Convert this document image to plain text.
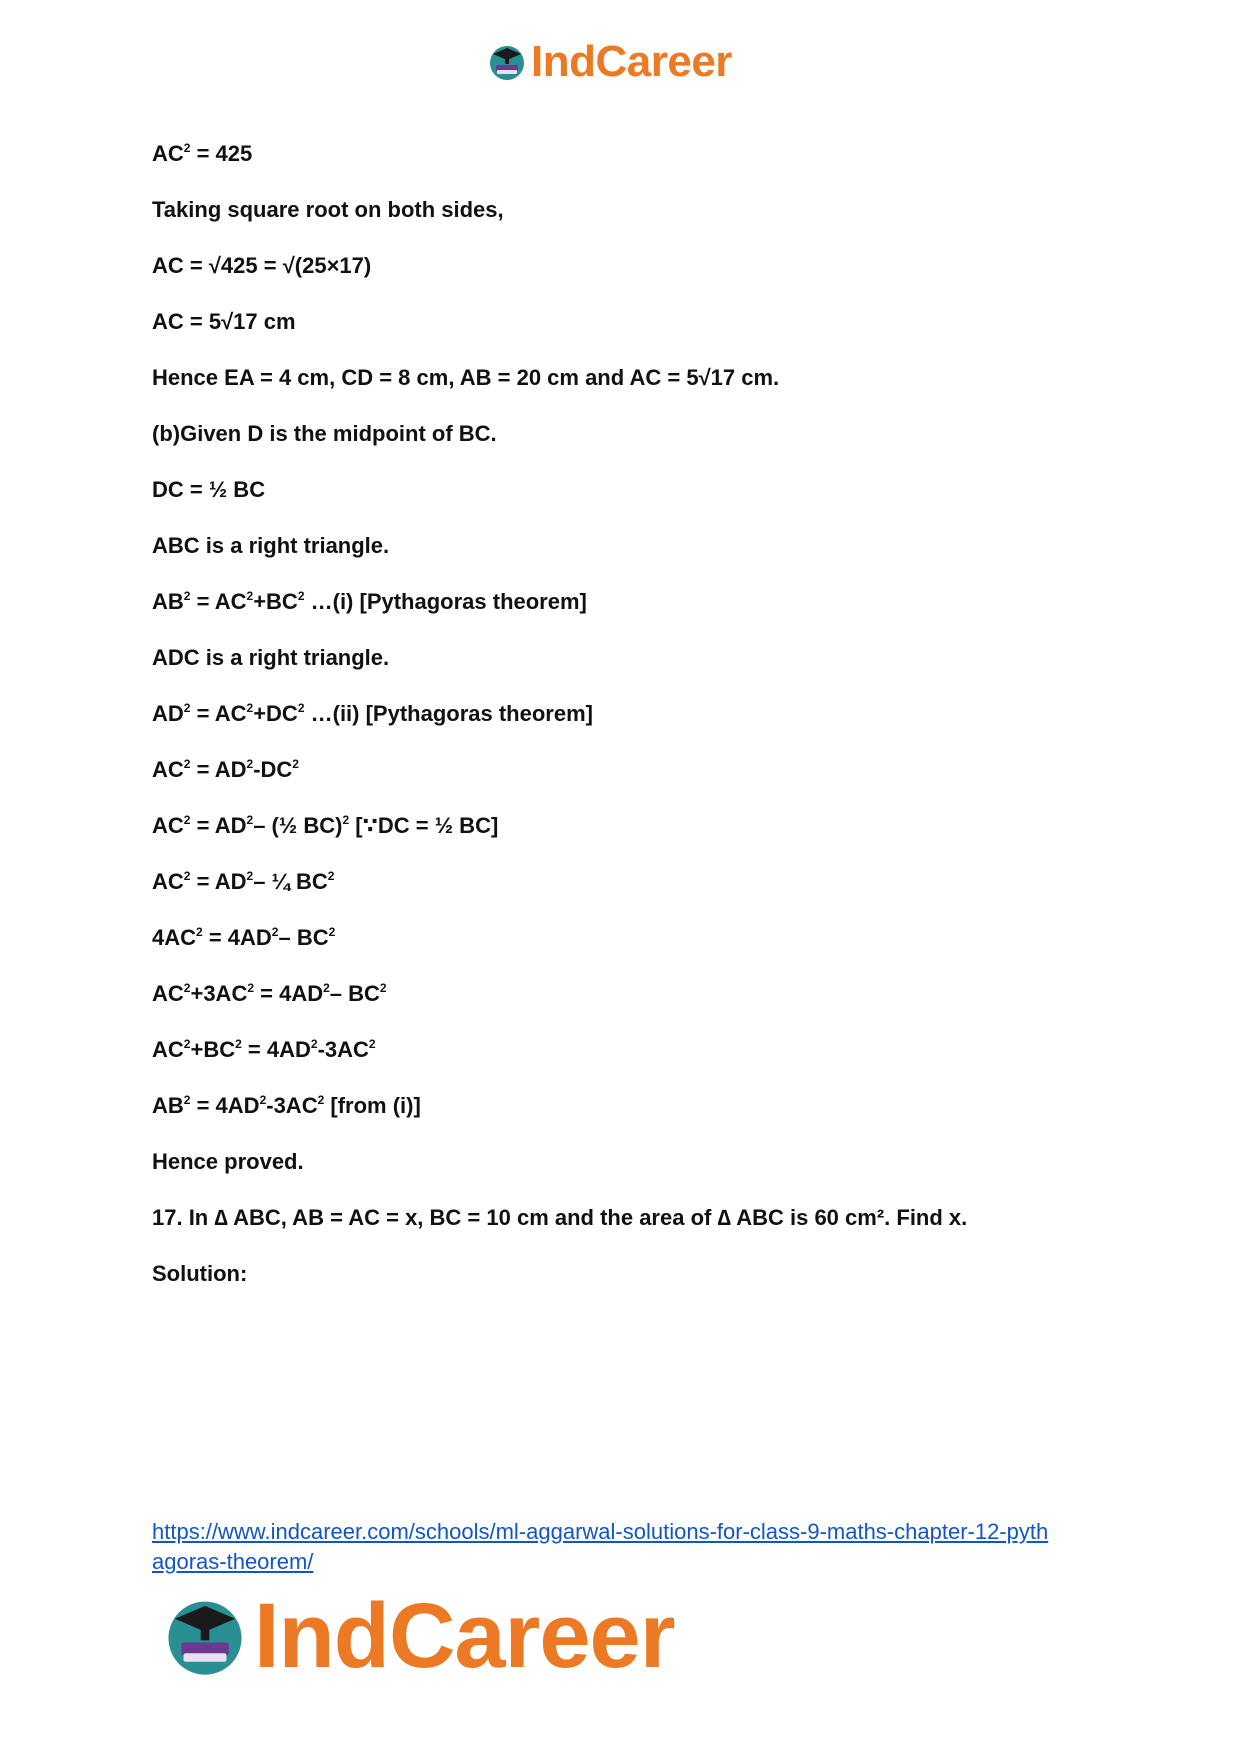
IndCareer

$AC^2 = 425$

Taking square root on both sides,

AC = √425 = √(25×17)

AC = 5√17 cm

Hence EA = 4 cm, CD = 8 cm, AB = 20 cm and AC = 5√17 cm.

(b)Given D is the midpoint of BC.

DC = ½ BC

ABC is a right triangle.

$AB^2 = AC^2+BC^2$ …(i) [Pythagoras theorem]

ADC is a right triangle.

$AD^2 = AC^2+DC^2$ …(ii) [Pythagoras theorem]

$AC^2 = AD^2-DC^2$

$AC^2 = AD^2-$ (½ BC)$^2$ [∵DC = ½ BC]

$AC^2 = AD^2-$ ¼ $BC^2$

$4AC^2 = 4AD^2-$ $BC^2$

$AC^2+3AC^2 = 4AD^2-$ $BC^2$

$AC^2+BC^2 = 4AD^2-3AC^2$

$AB^2 = 4AD^2-3AC^2$ [from (i)]

Hence proved.

17. In ∆ ABC, AB = AC = x, BC = 10 cm and the area of ∆ ABC is 60 cm². Find x.

Solution:

https://www.indcareer.com/schools/ml-aggarwal-solutions-for-class-9-maths-chapter-12-pyth
agoras-theorem/
IndCareer
